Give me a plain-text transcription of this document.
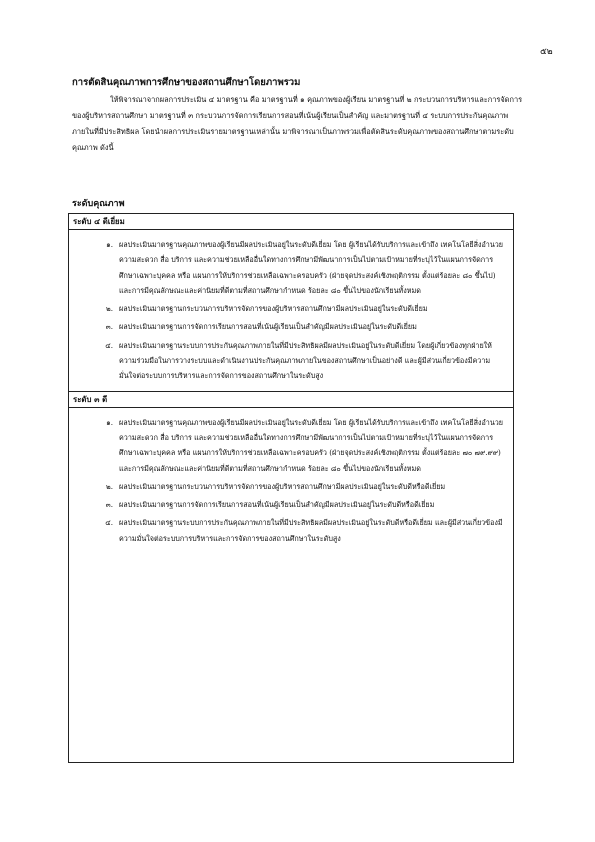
๕๒
การตัดสินคุณภาพการศึกษาของสถานศึกษาโดยภาพรวม

ให้พิจารณาจากผลการประเมิน ๔ มาตรฐาน คือ มาตรฐานที่ ๑ คุณภาพของผู้เรียน มาตรฐานที่ ๒ กระบวนการบริหารและการจัดการของผู้บริหารสถานศึกษา มาตรฐานที่ ๓ กระบวนการจัดการเรียนการสอนที่เน้นผู้เรียนเป็นสำคัญ และมาตรฐานที่ ๔ ระบบการประกันคุณภาพภายในที่มีประสิทธิผล โดยนำผลการประเมินรายมาตรฐานเหล่านั้น มาพิจารณาเป็นภาพรวมเพื่อตัดสินระดับคุณภาพของสถานศึกษาตามระดับคุณภาพ ดังนี้

ระดับคุณภาพ
ระดับ ๔ ดีเยี่ยม
๑. ผลประเมินมาตรฐานคุณภาพของผู้เรียนมีผลประเมินอยู่ในระดับดีเยี่ยม โดย ผู้เรียนได้รับบริการและเข้าถึง เทคโนโลยีสิ่งอำนวยความสะดวก สื่อ บริการ และความช่วยเหลืออื่นใดทางการศึกษามีพัฒนาการเป็นไปตามเป้าหมายที่ระบุไว้ในแผนการจัดการศึกษาเฉพาะบุคคล หรือ แผนการให้บริการช่วยเหลือเฉพาะครอบครัว (ฝ่ายจุดประสงค์เชิงพฤติกรรม ตั้งแต่ร้อยละ ๘๐ ขึ้นไป) และการมีคุณลักษณะและค่านิยมที่ดีตามที่สถานศึกษากำหนด ร้อยละ ๘๐ ขึ้นไปของนักเรียนทั้งหมด
๒. ผลประเมินมาตรฐานกระบวนการบริหารจัดการของผู้บริหารสถานศึกษามีผลประเมินอยู่ในระดับดีเยี่ยม
๓. ผลประเมินมาตรฐานการจัดการเรียนการสอนที่เน้นผู้เรียนเป็นสำคัญมีผลประเมินอยู่ในระดับดีเยี่ยม
๔. ผลประเมินมาตรฐานระบบการประกันคุณภาพภายในที่มีประสิทธิผลมีผลประเมินอยู่ในระดับดีเยี่ยม โดยผู้เกี่ยวข้องทุกฝ่ายให้ความร่วมมือในการวางระบบและดำเนินงานประกันคุณภาพภายในของสถานศึกษาเป็นอย่างดี และผู้มีส่วนเกี่ยวข้องมีความมั่นใจต่อระบบการบริหารและการจัดการของสถานศึกษาในระดับสูง
ระดับ ๓ ดี
๑. ผลประเมินมาตรฐานคุณภาพของผู้เรียนมีผลประเมินอยู่ในระดับดีเยี่ยม โดย ผู้เรียนได้รับบริการและเข้าถึง เทคโนโลยีสิ่งอำนวยความสะดวก สื่อ บริการ และความช่วยเหลืออื่นใดทางการศึกษามีพัฒนาการเป็นไปตามเป้าหมายที่ระบุไว้ในแผนการจัดการศึกษาเฉพาะบุคคล หรือ แผนการให้บริการช่วยเหลือเฉพาะครอบครัว (ฝ่ายจุดประสงค์เชิงพฤติกรรม ตั้งแต่ร้อยละ ๗๐ ๗๙.๙๙) และการมีคุณลักษณะและค่านิยมที่ดีตามที่สถานศึกษากำหนด ร้อยละ ๘๐ ขึ้นไปของนักเรียนทั้งหมด
๒. ผลประเมินมาตรฐานกระบวนการบริหารจัดการของผู้บริหารสถานศึกษามีผลประเมินอยู่ในระดับดีหรือดีเยี่ยม
๓. ผลประเมินมาตรฐานการจัดการเรียนการสอนที่เน้นผู้เรียนเป็นสำคัญมีผลประเมินอยู่ในระดับดีหรือดีเยี่ยม
๔. ผลประเมินมาตรฐานระบบการประกันคุณภาพภายในที่มีประสิทธิผลมีผลประเมินอยู่ในระดับดีหรือดีเยี่ยม และผู้มีส่วนเกี่ยวข้องมีความมั่นใจต่อระบบการบริหารและการจัดการของสถานศึกษาในระดับสูง
